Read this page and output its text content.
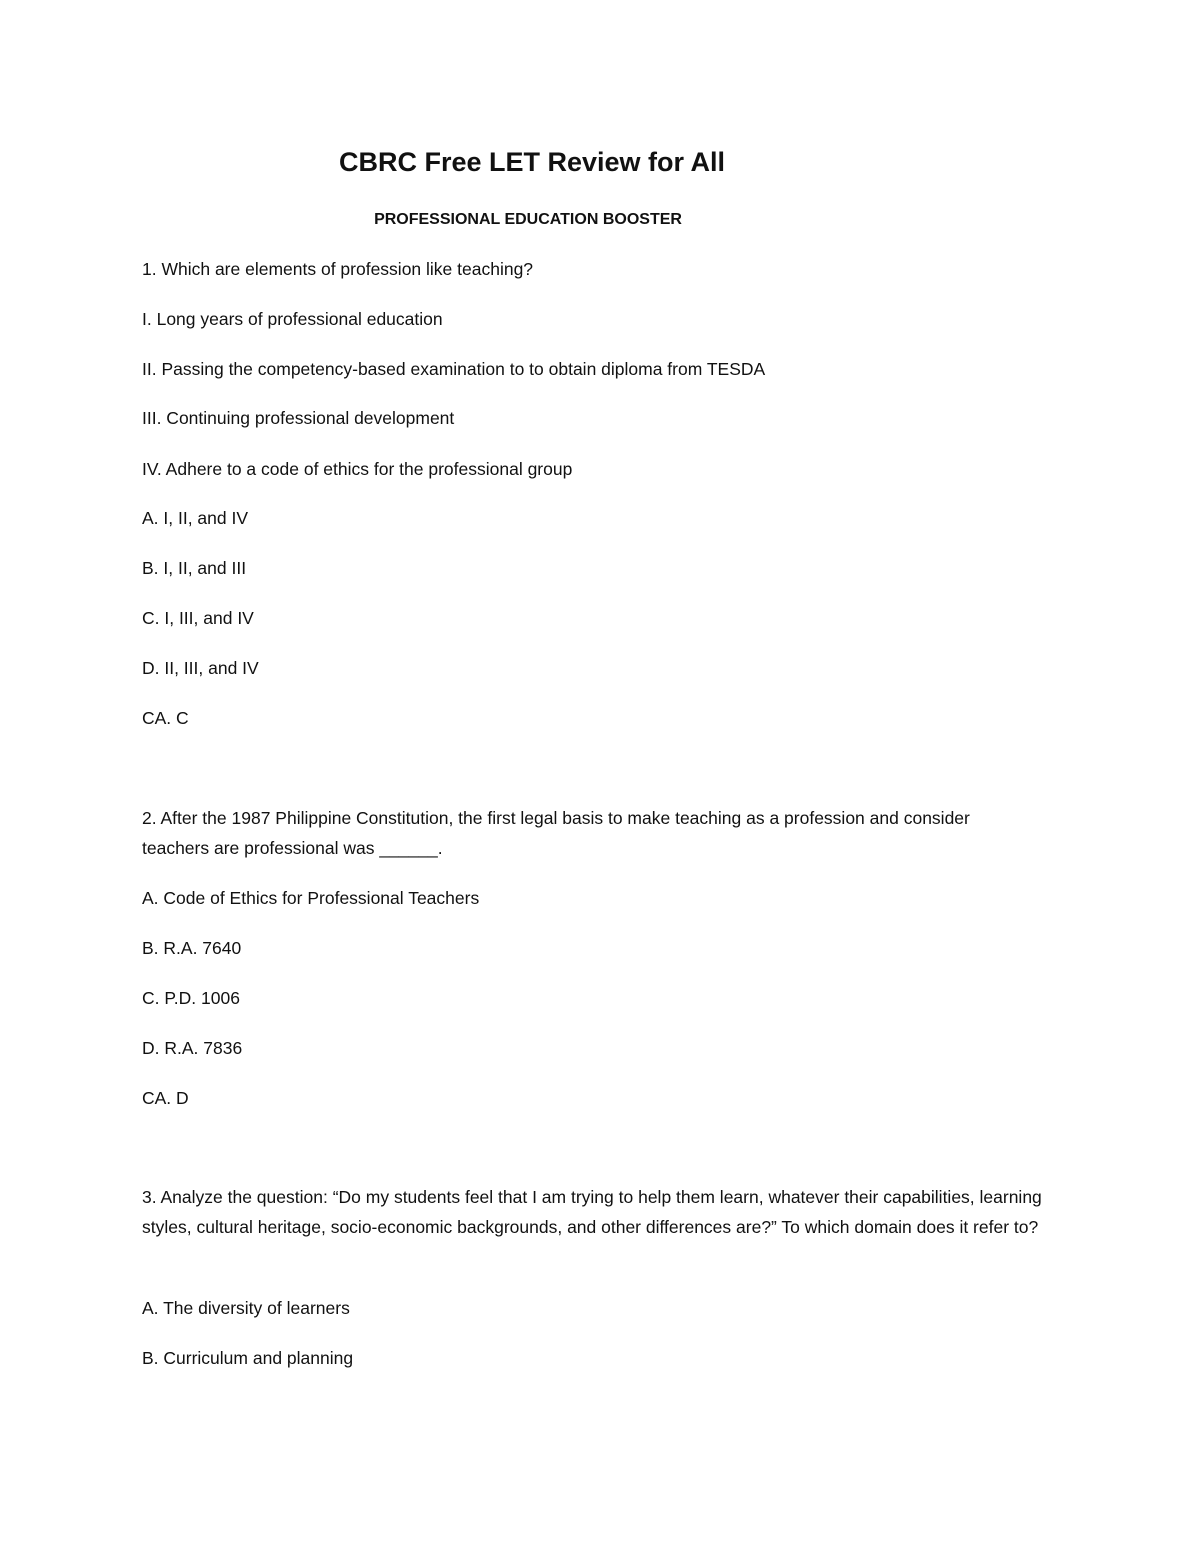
CBRC Free LET Review for All
PROFESSIONAL EDUCATION BOOSTER

1. Which are elements of profession like teaching?

I. Long years of professional education

II. Passing the competency-based examination to to obtain diploma from TESDA

III. Continuing professional development

IV. Adhere to a code of ethics for the professional group

A. I, II, and IV

B. I, II, and III

C. I, III, and IV

D. II, III, and IV

CA. C

2. After the 1987 Philippine Constitution, the first legal basis to make teaching as a profession and consider teachers are professional was ______.

A. Code of Ethics for Professional Teachers

B. R.A. 7640

C. P.D. 1006

D. R.A. 7836

CA. D

3. Analyze the question: “Do my students feel that I am trying to help them learn, whatever their capabilities, learning styles, cultural heritage, socio-economic backgrounds, and other differences are?” To which domain does it refer to?

A. The diversity of learners

B. Curriculum and planning
